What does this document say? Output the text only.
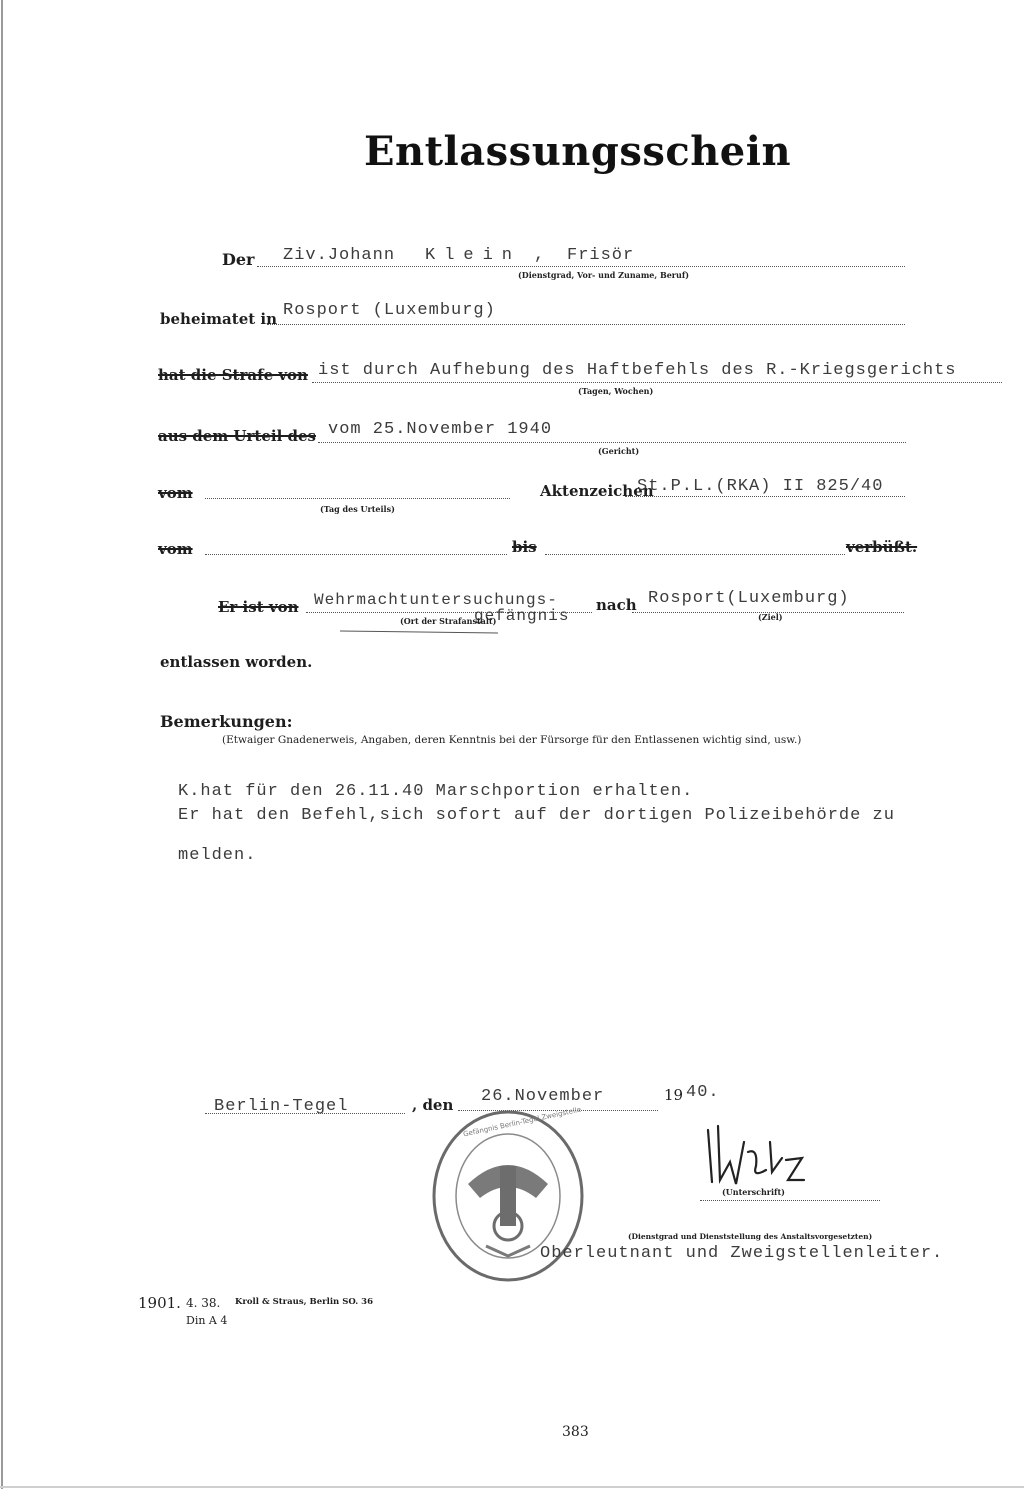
Entlassungsschein
Der Ziv.Johann Klein , Frisör
(Dienstgrad, Vor- und Zuname, Beruf)
beheimatet in Rosport (Luxemburg)
hat die Strafe von ist durch Aufhebung des Haftbefehls des R.-Kriegsgerichts
(Tagen, Wochen)
aus dem Urteil des vom 25.November 1940
(Gericht)
vom
(Tag des Urteils)
Aktenzeichen
St.P.L.(RKA) II 825/40
vom	bis	verbüßt.
Er ist von Wehrmachtuntersuchungs-
gefängnis
(Ort der Strafanstalt)
nach Rosport(Luxemburg)
(Ziel)
entlassen worden.
Bemerkungen:
(Etwaiger Gnadenerweis, Angaben, deren Kenntnis bei der Fürsorge für den Entlassenen wichtig sind, usw.)
K.hat für den 26.11.40 Marschportion erhalten.
Er hat den Befehl,sich sofort auf der dortigen Polizeibehörde zu
melden.
Berlin-Tegel	, den 26.November	19 40.
Gefängnis Berlin-Tegel Zweigstelle
(Unterschrift)
(Dienstgrad und Dienststellung des Anstaltsvorgesetzten)
Oberleutnant und Zweigstellenleiter.
1901. 4. 38. Kroll & Straus, Berlin SO. 36
Din A 4
383
